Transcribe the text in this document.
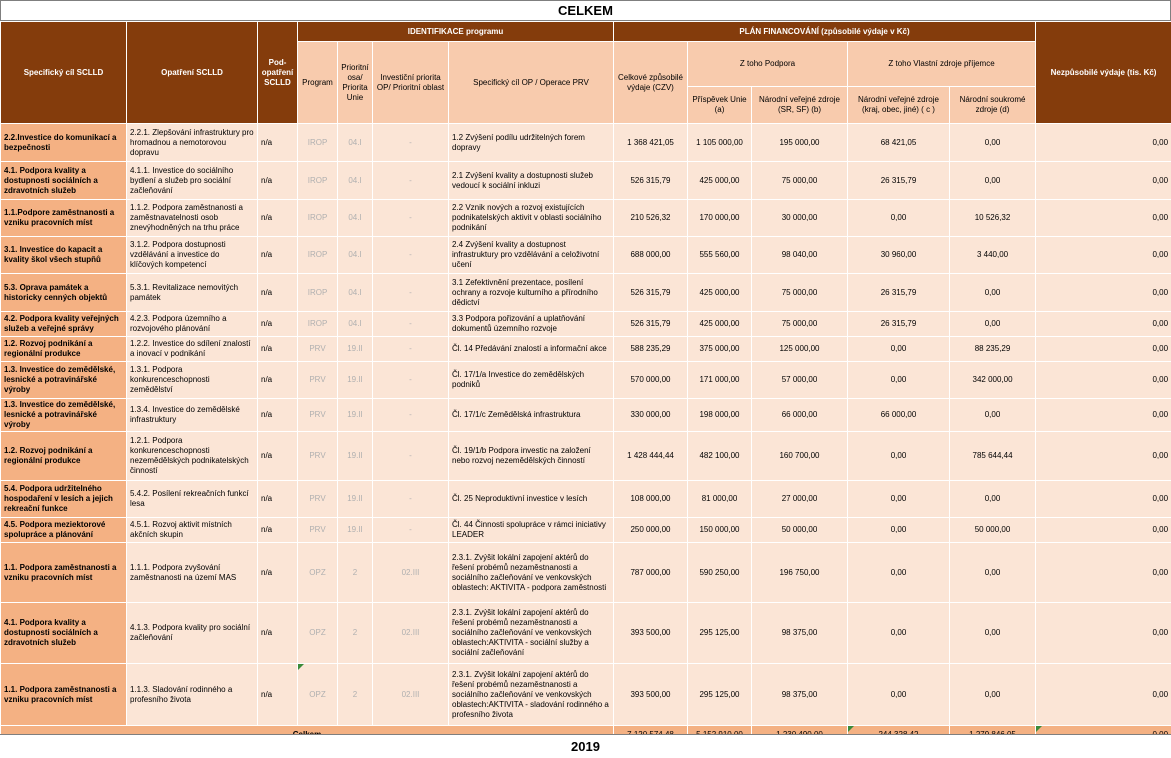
CELKEM
Specifický cíl SCLLD	Opatření SCLLD	Pod-opatření SCLLD	IDENTIFIKACE programu				PLÁN FINANCOVÁNÍ (způsobilé výdaje v Kč)					Nezpůsobilé výdaje (tis. Kč)
			Program	Prioritní osa/ Priorita Unie	Investiční priorita OP/ Prioritní oblast	Specifický cíl OP / Operace PRV	Celkové způsobilé výdaje (CZV)	Z toho Podpora		Z toho Vlastní zdroje příjemce		
								Příspěvek Unie (a)	Národní veřejné zdroje (SR, SF) (b)	Národní veřejné zdroje (kraj, obec, jiné) ( c )	Národní soukromé zdroje (d)	
2.2.Investice do komunikací a bezpečnosti	2.2.1. Zlepšování infrastruktury pro hromadnou a nemotorovou dopravu	n/a	IROP	04.I	-	1.2 Zvýšení podílu udržitelných forem dopravy	1 368 421,05	1 105 000,00	195 000,00	68 421,05	0,00	0,00
4.1. Podpora kvality a dostupnosti sociálních a zdravotních služeb	4.1.1. Investice do sociálního bydlení a služeb pro sociální začleňování	n/a	IROP	04.I	-	2.1 Zvýšení kvality a dostupnosti služeb vedoucí k sociální inkluzi	526 315,79	425 000,00	75 000,00	26 315,79	0,00	0,00
1.1.Podpore zaměstnanosti a vzniku pracovních míst	1.1.2. Podpora zaměstnanosti a zaměstnavatelnosti osob znevýhodněných na trhu práce	n/a	IROP	04.I	-	2.2 Vznik nových a rozvoj existujících podnikatelských aktivit v oblasti sociálního podnikání	210 526,32	170 000,00	30 000,00	0,00	10 526,32	0,00
3.1. Investice do kapacit a kvality škol všech stupňů	3.1.2. Podpora dostupnosti vzdělávání a investice do klíčových kompetencí	n/a	IROP	04.I	-	2.4 Zvýšení kvality a dostupnost infrastruktury pro vzdělávání a celoživotní učení	688 000,00	555 560,00	98 040,00	30 960,00	3 440,00	0,00
5.3. Oprava památek a historicky cenných objektů	5.3.1. Revitalizace nemovitých památek	n/a	IROP	04.I	-	3.1 Zefektivnění prezentace, posílení ochrany a rozvoje kulturního a přírodního dědictví	526 315,79	425 000,00	75 000,00	26 315,79	0,00	0,00
4.2. Podpora kvality veřejných služeb a veřejné správy	4.2.3. Podpora územního a rozvojového plánování	n/a	IROP	04.I	-	3.3 Podpora pořizování a uplatňování dokumentů územního rozvoje	526 315,79	425 000,00	75 000,00	26 315,79	0,00	0,00
1.2. Rozvoj podnikání a regionální produkce	1.2.2. Investice do sdílení znalostí a inovací v podnikání	n/a	PRV	19.II	-	Čl. 14 Předávání znalostí a informační akce	588 235,29	375 000,00	125 000,00	0,00	88 235,29	0,00
1.3. Investice do zemědělské, lesnické a potravinářské výroby	1.3.1. Podpora konkurenceschopnosti zemědělství	n/a	PRV	19.II	-	Čl. 17/1/a Investice do zemědělských podniků	570 000,00	171 000,00	57 000,00	0,00	342 000,00	0,00
1.3. Investice do zemědělské, lesnické a potravinářské výroby	1.3.4. Investice do zemědělské infrastruktury	n/a	PRV	19.II	-	Čl. 17/1/c Zemědělská infrastruktura	330 000,00	198 000,00	66 000,00	66 000,00	0,00	0,00
1.2. Rozvoj podnikání a regionální produkce	1.2.1. Podpora konkurenceschopnosti nezemědělských podnikatelských činností	n/a	PRV	19.II	-	Čl. 19/1/b Podpora investic na založení nebo rozvoj nezemědělských činností	1 428 444,44	482 100,00	160 700,00	0,00	785 644,44	0,00
5.4. Podpora udržitelného hospodaření v lesích a jejich rekreační funkce	5.4.2. Posílení rekreačních funkcí lesa	n/a	PRV	19.II	-	Čl. 25 Neproduktivní investice v lesích	108 000,00	81 000,00	27 000,00	0,00	0,00	0,00
4.5. Podpora meziektorové spolupráce a plánování	4.5.1. Rozvoj aktivit místních akčních skupin	n/a	PRV	19.II	-	Čl. 44 Činnosti spolupráce v rámci iniciativy LEADER	250 000,00	150 000,00	50 000,00	0,00	50 000,00	0,00
1.1. Podpora zaměstnanosti a vzniku pracovních míst	1.1.1. Podpora zvyšování zaměstnanosti na území MAS	n/a	OPZ	2	02.III	2.3.1. Zvýšit lokální zapojení aktérů do řešení probémů nezaměstnanosti a sociálního začleňování ve venkovských oblastech: AKTIVITA - podpora zaměstnosti	787 000,00	590 250,00	196 750,00	0,00	0,00	0,00
4.1. Podpora kvality a dostupnosti sociálních a zdravotních služeb	4.1.3. Podpora kvality pro sociální začleňování	n/a	OPZ	2	02.III	2.3.1. Zvýšit lokální zapojení aktérů do řešení probémů nezaměstnanosti a sociálního začleňování ve venkovských oblastech:AKTIVITA - sociální služby a sociální začleňování	393 500,00	295 125,00	98 375,00	0,00	0,00	0,00
1.1. Podpora zaměstnanosti a vzniku pracovních míst	1.1.3. Sladování rodinného a profesního života	n/a	OPZ	2	02.III	2.3.1. Zvýšit lokální zapojení aktérů do řešení probémů nezaměstnanosti a sociálního začleňování ve venkovských oblastech:AKTIVITA - sladování rodinného a profesního života	393 500,00	295 125,00	98 375,00	0,00	0,00	0,00

2019
